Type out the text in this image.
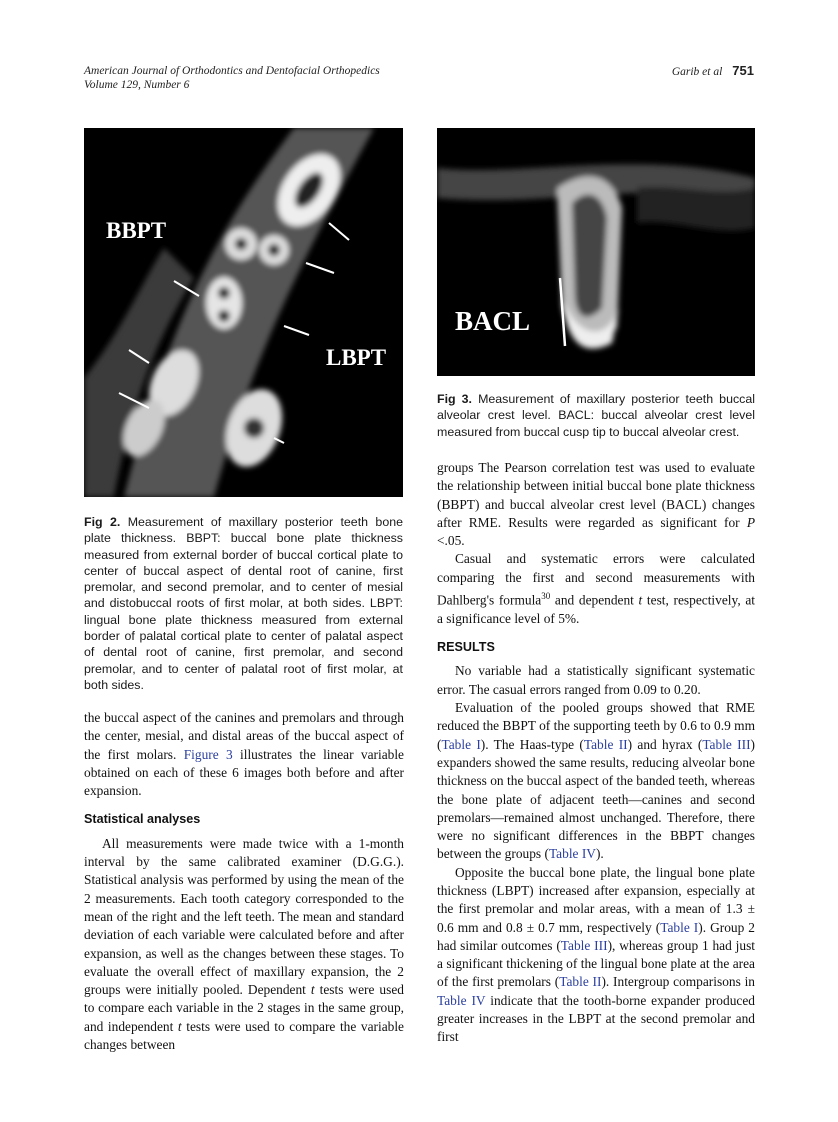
American Journal of Orthodontics and Dentofacial Orthopedics
Volume 129, Number 6
Garib et al 751
BBPT
LBPT
BACL
Fig 3. Measurement of maxillary posterior teeth buccal alveolar crest level. BACL: buccal alveolar crest level measured from buccal cusp tip to buccal alveolar crest.
Fig 2. Measurement of maxillary posterior teeth bone plate thickness. BBPT: buccal bone plate thickness measured from external border of buccal cortical plate to center of buccal aspect of dental root of canine, first premolar, and second premolar, and to center of mesial and distobuccal roots of first molar, at both sides. LBPT: lingual bone plate thickness measured from external border of palatal cortical plate to center of palatal aspect of dental root of canine, first premolar, and second premolar, and to center of palatal root of first molar, at both sides.

the buccal aspect of the canines and premolars and through the center, mesial, and distal areas of the buccal aspect of the first molars. Figure 3 illustrates the linear variable obtained on each of these 6 images both before and after expansion.

Statistical analyses

All measurements were made twice with a 1-month interval by the same calibrated examiner (D.G.G.). Statistical analysis was performed by using the mean of the 2 measurements. Each tooth category corresponded to the mean of the right and the left teeth. The mean and standard deviation of each variable were calculated before and after expansion, as well as the changes between these stages. To evaluate the overall effect of maxillary expansion, the 2 groups were initially pooled. Dependent t tests were used to compare each variable in the 2 stages in the same group, and independent t tests were used to compare the variable changes between

groups The Pearson correlation test was used to evaluate the relationship between initial buccal bone plate thickness (BBPT) and buccal alveolar crest level (BACL) changes after RME. Results were regarded as significant for P <.05.

Casual and systematic errors were calculated comparing the first and second measurements with Dahlberg's formula$^{30}$ and dependent t test, respectively, at a significance level of 5%.

RESULTS

No variable had a statistically significant systematic error. The casual errors ranged from 0.09 to 0.20.

Evaluation of the pooled groups showed that RME reduced the BBPT of the supporting teeth by 0.6 to 0.9 mm (Table I). The Haas-type (Table II) and hyrax (Table III) expanders showed the same results, reducing alveolar bone thickness on the buccal aspect of the banded teeth, whereas the bone plate of adjacent teeth—canines and second premolars—remained almost unchanged. Therefore, there were no significant differences in the BBPT changes between the groups (Table IV).

Opposite the buccal bone plate, the lingual bone plate thickness (LBPT) increased after expansion, especially at the first premolar and molar areas, with a mean of 1.3 ± 0.6 mm and 0.8 ± 0.7 mm, respectively (Table I). Group 2 had similar outcomes (Table III), whereas group 1 had just a significant thickening of the lingual bone plate at the area of the first premolars (Table II). Intergroup comparisons in Table IV indicate that the tooth-borne expander produced greater increases in the LBPT at the second premolar and first
